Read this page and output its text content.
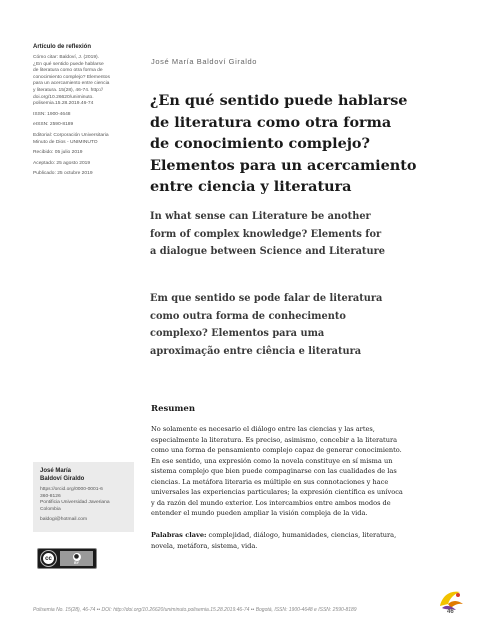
Artículo de reflexión
Cómo citar: Baldoví, J. (2019).
¿En qué sentido puede hablarse
de literatura como otra forma de
conocimiento complejo? Elementos
para un acercamiento entre ciencia
y literatura. 15(28), 46-74. http://
doi.org/10.26620/uniminuto.
polisemia.15.28.2019.46-74
ISSN: 1900-4648
eISSN: 2590-8189
Editorial: Corporación Universitaria
Minuto de Dios - UNIMINUTO
Recibido: 05 julio 2019
Aceptado: 25 agosto 2019
Publicado: 25 octubre 2019
José María
Baldoví Giraldo
https://orcid.org/0000-0001-6
360-8126
Pontificia Universidad Javeriana
Colombia
baldogi@hotmail.com
cc	●
BY
José María Baldoví Giraldo
¿En qué sentido puede hablarse
de literatura como otra forma
de conocimiento complejo?
Elementos para un acercamiento
entre ciencia y literatura
In what sense can Literature be another
form of complex knowledge? Elements for
a dialogue between Science and Literature
Em que sentido se pode falar de literatura
como outra forma de conhecimento
complexo? Elementos para uma
aproximação entre ciência e literatura
Resumen
No solamente es necesario el diálogo entre las ciencias y las artes,
especialmente la literatura. Es preciso, asimismo, concebir a la literatura
como una forma de pensamiento complejo capaz de generar conocimiento.
En ese sentido, una expresión como la novela constituye en sí misma un
sistema complejo que bien puede compaginarse con las cualidades de las
ciencias. La metáfora literaria es múltiple en sus connotaciones y hace
universales las experiencias particulares; la expresión científica es unívoca
y da razón del mundo exterior. Los intercambios entre ambos modos de
entender el mundo pueden ampliar la visión compleja de la vida.
Palabras clave: complejidad, diálogo, humanidades, ciencias, literatura,
novela, metáfora, sistema, vida.
Polisemia No. 15(28), 46-74 •• DOI: http://doi.org/10.26620/uniminuto.polisemia.15.28.2019.46-74 •• Bogotá, ISSN: 1900-4648 e ISSN: 2590-8189	46
